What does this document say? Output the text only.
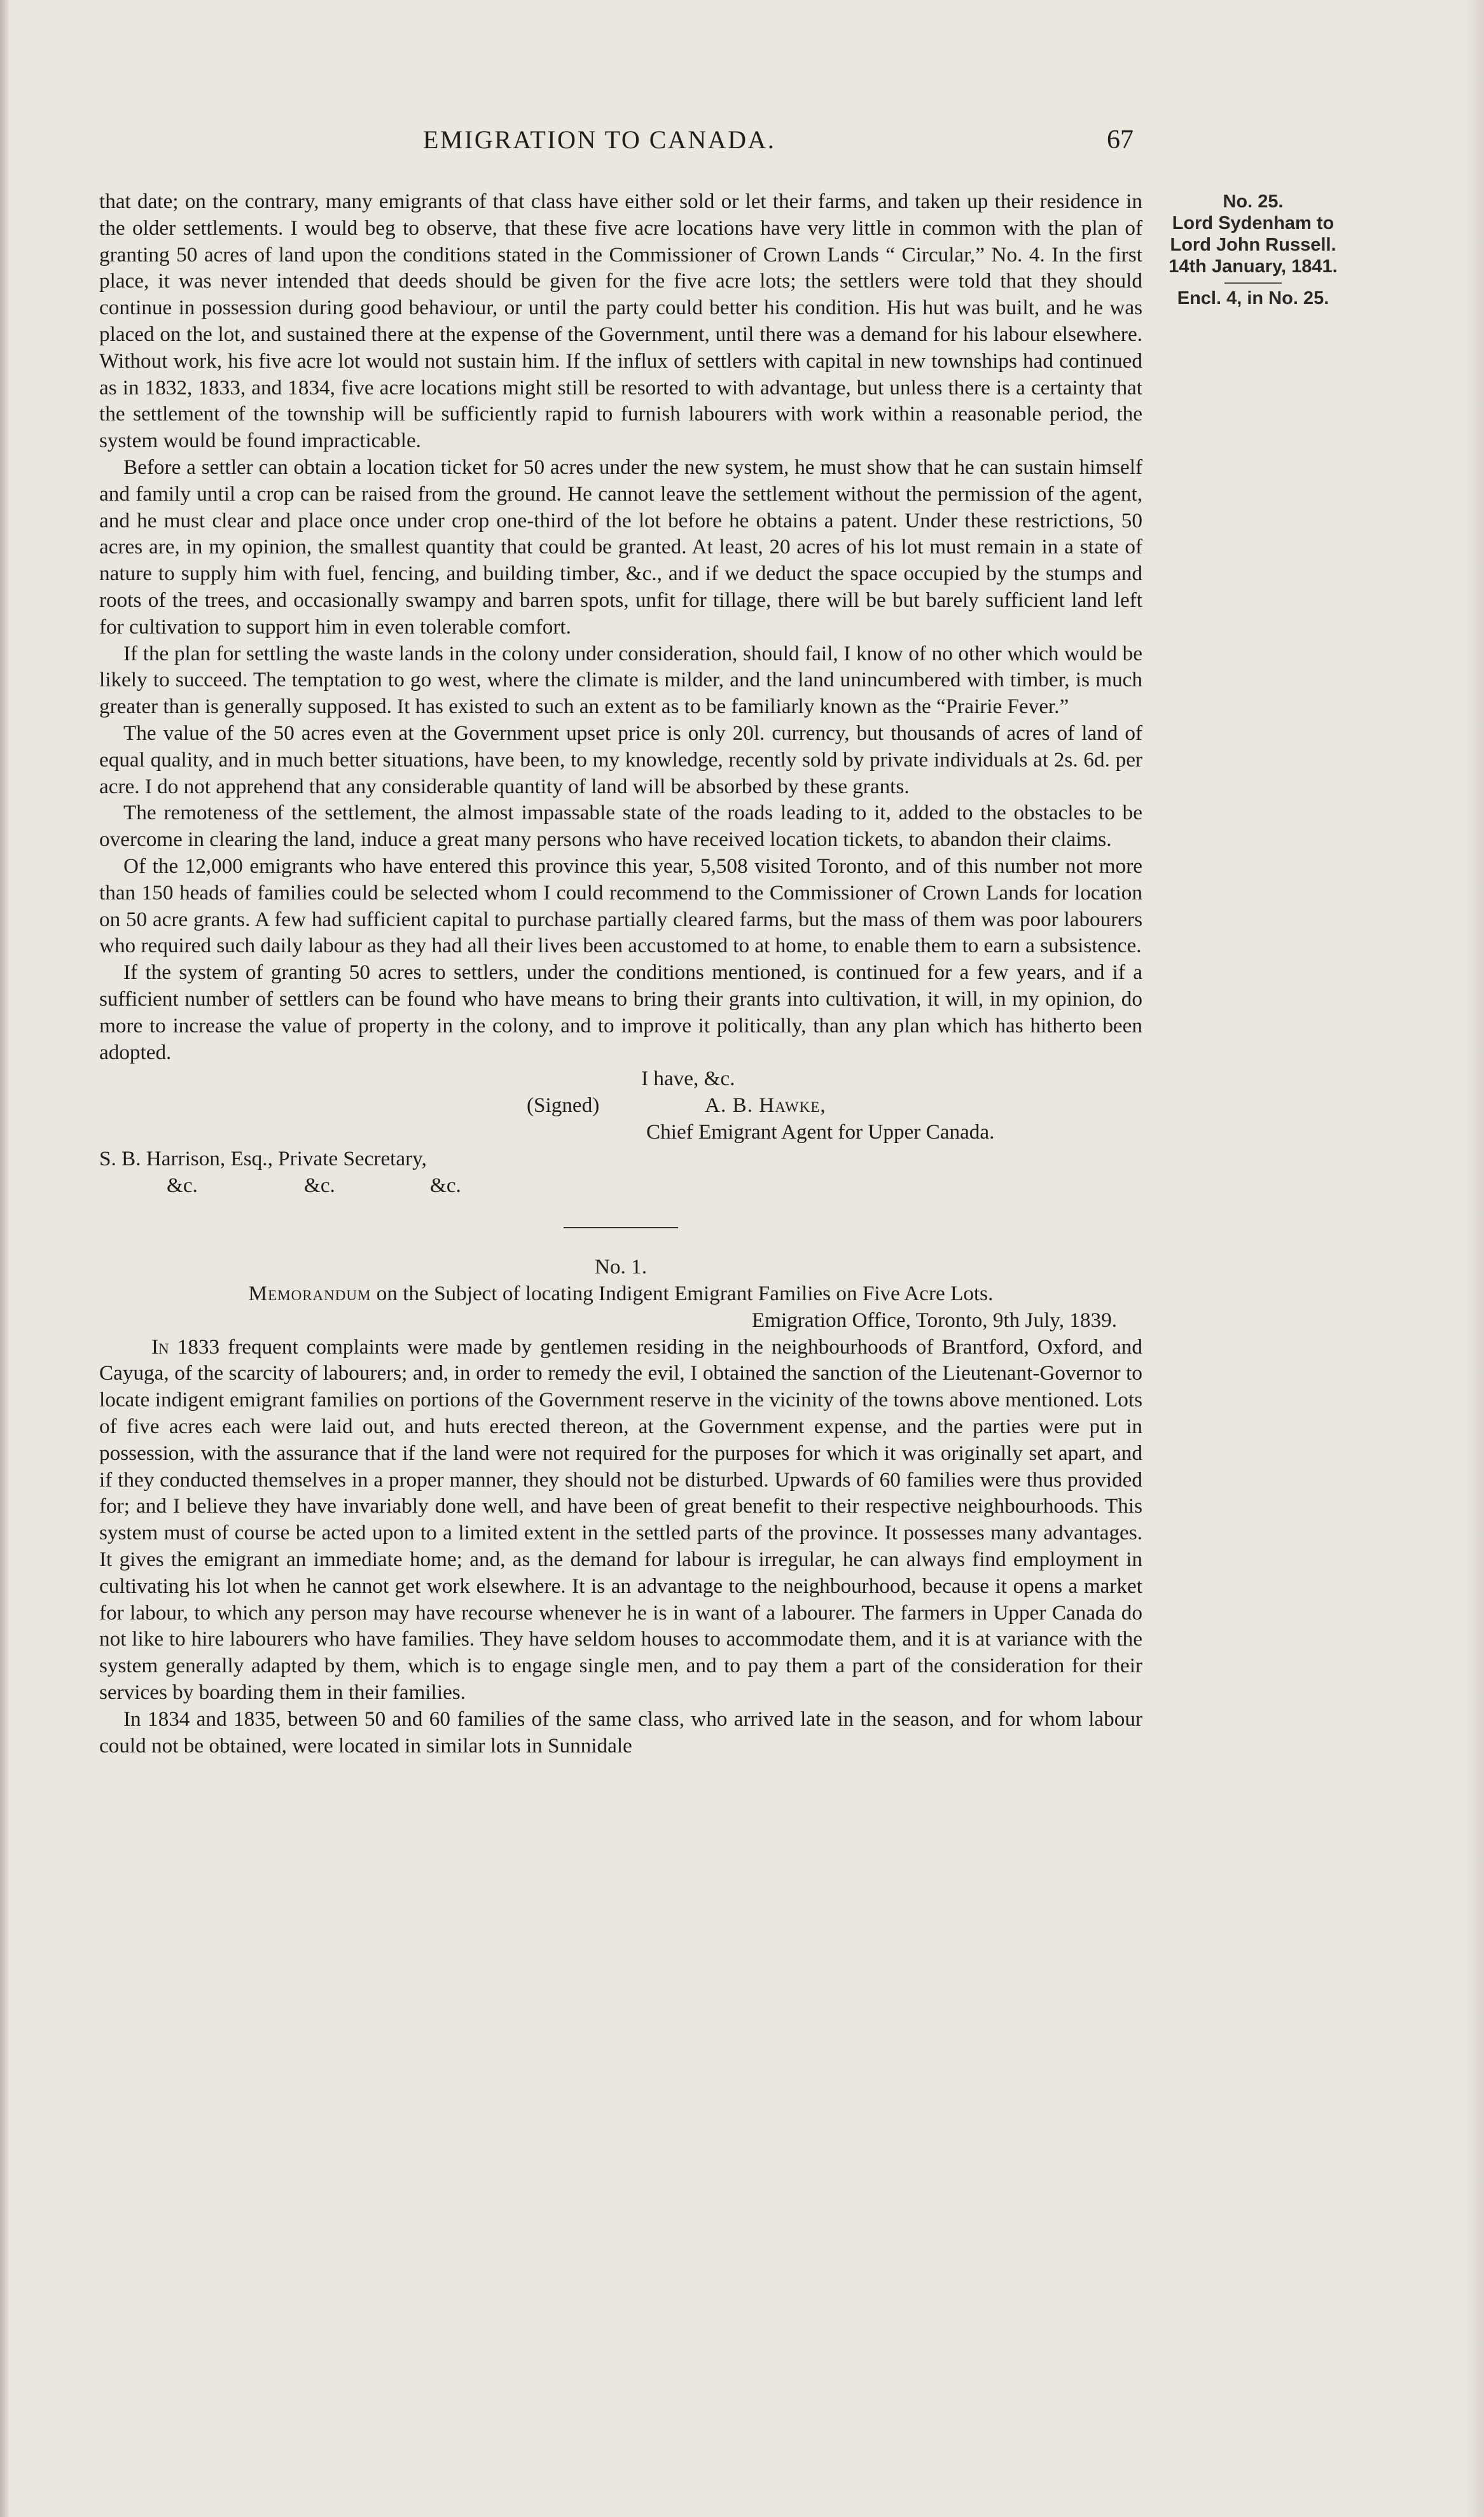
EMIGRATION TO CANADA.	67
No. 25.
Lord Sydenham to
Lord John Russell.
14th January, 1841.
Encl. 4, in No. 25.

that date; on the contrary, many emigrants of that class have either sold or let their farms, and taken up their residence in the older settlements. I would beg to observe, that these five acre locations have very little in common with the plan of granting 50 acres of land upon the conditions stated in the Commissioner of Crown Lands “ Circular,” No. 4. In the first place, it was never intended that deeds should be given for the five acre lots; the settlers were told that they should continue in possession during good behaviour, or until the party could better his condition. His hut was built, and he was placed on the lot, and sustained there at the expense of the Government, until there was a demand for his labour elsewhere. Without work, his five acre lot would not sustain him. If the influx of settlers with capital in new townships had continued as in 1832, 1833, and 1834, five acre locations might still be resorted to with advantage, but unless there is a certainty that the settlement of the township will be sufficiently rapid to furnish labourers with work within a reasonable period, the system would be found impracticable.

Before a settler can obtain a location ticket for 50 acres under the new system, he must show that he can sustain himself and family until a crop can be raised from the ground. He cannot leave the settlement without the permission of the agent, and he must clear and place once under crop one-third of the lot before he obtains a patent. Under these restrictions, 50 acres are, in my opinion, the smallest quantity that could be granted. At least, 20 acres of his lot must remain in a state of nature to supply him with fuel, fencing, and building timber, &c., and if we deduct the space occupied by the stumps and roots of the trees, and occasionally swampy and barren spots, unfit for tillage, there will be but barely sufficient land left for cultivation to support him in even tolerable comfort.

If the plan for settling the waste lands in the colony under consideration, should fail, I know of no other which would be likely to succeed. The temptation to go west, where the climate is milder, and the land unincumbered with timber, is much greater than is generally supposed. It has existed to such an extent as to be familiarly known as the “Prairie Fever.”

The value of the 50 acres even at the Government upset price is only 20l. currency, but thousands of acres of land of equal quality, and in much better situations, have been, to my knowledge, recently sold by private individuals at 2s. 6d. per acre. I do not apprehend that any considerable quantity of land will be absorbed by these grants.

The remoteness of the settlement, the almost impassable state of the roads leading to it, added to the obstacles to be overcome in clearing the land, induce a great many persons who have received location tickets, to abandon their claims.

Of the 12,000 emigrants who have entered this province this year, 5,508 visited Toronto, and of this number not more than 150 heads of families could be selected whom I could recommend to the Commissioner of Crown Lands for location on 50 acre grants. A few had sufficient capital to purchase partially cleared farms, but the mass of them was poor labourers who required such daily labour as they had all their lives been accustomed to at home, to enable them to earn a subsistence.

If the system of granting 50 acres to settlers, under the conditions mentioned, is continued for a few years, and if a sufficient number of settlers can be found who have means to bring their grants into cultivation, it will, in my opinion, do more to increase the value of property in the colony, and to improve it politically, than any plan which has hitherto been adopted.

I have, &c.
(Signed)	A. B. Hawke,
Chief Emigrant Agent for Upper Canada.
S. B. Harrison, Esq., Private Secretary,
&c.	&c.	&c.

No. 1.

Memorandum on the Subject of locating Indigent Emigrant Families on Five Acre Lots.

Emigration Office, Toronto, 9th July, 1839.

In 1833 frequent complaints were made by gentlemen residing in the neighbourhoods of Brantford, Oxford, and Cayuga, of the scarcity of labourers; and, in order to remedy the evil, I obtained the sanction of the Lieutenant-Governor to locate indigent emigrant families on portions of the Government reserve in the vicinity of the towns above mentioned. Lots of five acres each were laid out, and huts erected thereon, at the Government expense, and the parties were put in possession, with the assurance that if the land were not required for the purposes for which it was originally set apart, and if they conducted themselves in a proper manner, they should not be disturbed. Upwards of 60 families were thus provided for; and I believe they have invariably done well, and have been of great benefit to their respective neighbourhoods. This system must of course be acted upon to a limited extent in the settled parts of the province. It possesses many advantages. It gives the emigrant an immediate home; and, as the demand for labour is irregular, he can always find employment in cultivating his lot when he cannot get work elsewhere. It is an advantage to the neighbourhood, because it opens a market for labour, to which any person may have recourse whenever he is in want of a labourer. The farmers in Upper Canada do not like to hire labourers who have families. They have seldom houses to accommodate them, and it is at variance with the system generally adapted by them, which is to engage single men, and to pay them a part of the consideration for their services by boarding them in their families.

In 1834 and 1835, between 50 and 60 families of the same class, who arrived late in the season, and for whom labour could not be obtained, were located in similar lots in Sunnidale
